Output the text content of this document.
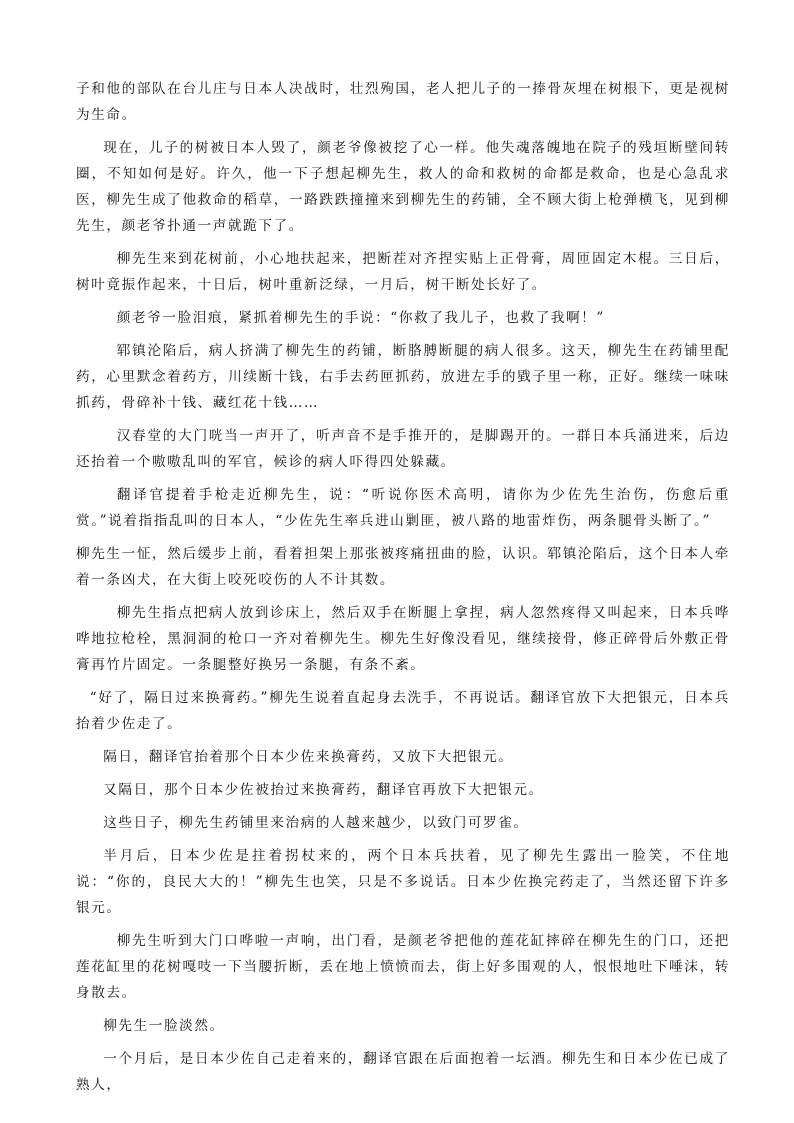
子和他的部队在台儿庄与日本人决战时，壮烈殉国，老人把儿子的一捧骨灰埋在树根下，更是视树为生命。

现在，儿子的树被日本人毁了，颜老爷像被挖了心一样。他失魂落魄地在院子的残垣断壁间转圈，不知如何是好。许久，他一下子想起柳先生，救人的命和救树的命都是救命，也是心急乱求医，柳先生成了他救命的稻草，一路跌跌撞撞来到柳先生的药铺，全不顾大街上枪弹横飞，见到柳先生，颜老爷扑通一声就跪下了。

柳先生来到花树前，小心地扶起来，把断茬对齐捏实贴上正骨膏，周匝固定木棍。三日后，树叶竟振作起来，十日后，树叶重新泛绿，一月后，树干断处长好了。

颜老爷一脸泪痕，紧抓着柳先生的手说：“你救了我儿子，也救了我啊！”

郓镇沦陷后，病人挤满了柳先生的药铺，断胳膊断腿的病人很多。这天，柳先生在药铺里配药，心里默念着药方，川续断十钱，右手去药匣抓药，放进左手的戥子里一称，正好。继续一味味抓药，骨碎补十钱、藏红花十钱……

汉春堂的大门咣当一声开了，听声音不是手推开的，是脚踢开的。一群日本兵涌进来，后边还抬着一个嗷嗷乱叫的军官，候诊的病人吓得四处躲藏。

翻译官提着手枪走近柳先生，说：“听说你医术高明，请你为少佐先生治伤，伤愈后重赏。”说着指指乱叫的日本人，“少佐先生率兵进山剿匪，被八路的地雷炸伤，两条腿骨头断了。”

柳先生一怔，然后缓步上前，看着担架上那张被疼痛扭曲的脸，认识。郓镇沦陷后，这个日本人牵着一条凶犬，在大街上咬死咬伤的人不计其数。

柳先生指点把病人放到诊床上，然后双手在断腿上拿捏，病人忽然疼得又叫起来，日本兵哗哗地拉枪栓，黑洞洞的枪口一齐对着柳先生。柳先生好像没看见，继续接骨，修正碎骨后外敷正骨膏再竹片固定。一条腿整好换另一条腿，有条不紊。

“好了，隔日过来换膏药。”柳先生说着直起身去洗手，不再说话。翻译官放下大把银元，日本兵抬着少佐走了。

隔日，翻译官抬着那个日本少佐来换膏药，又放下大把银元。

又隔日，那个日本少佐被抬过来换膏药，翻译官再放下大把银元。

这些日子，柳先生药铺里来治病的人越来越少，以致门可罗雀。

半月后，日本少佐是拄着拐杖来的，两个日本兵扶着，见了柳先生露出一脸笑，不住地说：“你的，良民大大的！”柳先生也笑，只是不多说话。日本少佐换完药走了，当然还留下许多银元。

柳先生听到大门口哗啦一声响，出门看，是颜老爷把他的莲花缸摔碎在柳先生的门口，还把莲花缸里的花树嘎吱一下当腰折断，丢在地上愤愤而去，街上好多围观的人，恨恨地吐下唾沫，转身散去。

柳先生一脸淡然。

一个月后，是日本少佐自己走着来的，翻译官跟在后面抱着一坛酒。柳先生和日本少佐已成了熟人，
